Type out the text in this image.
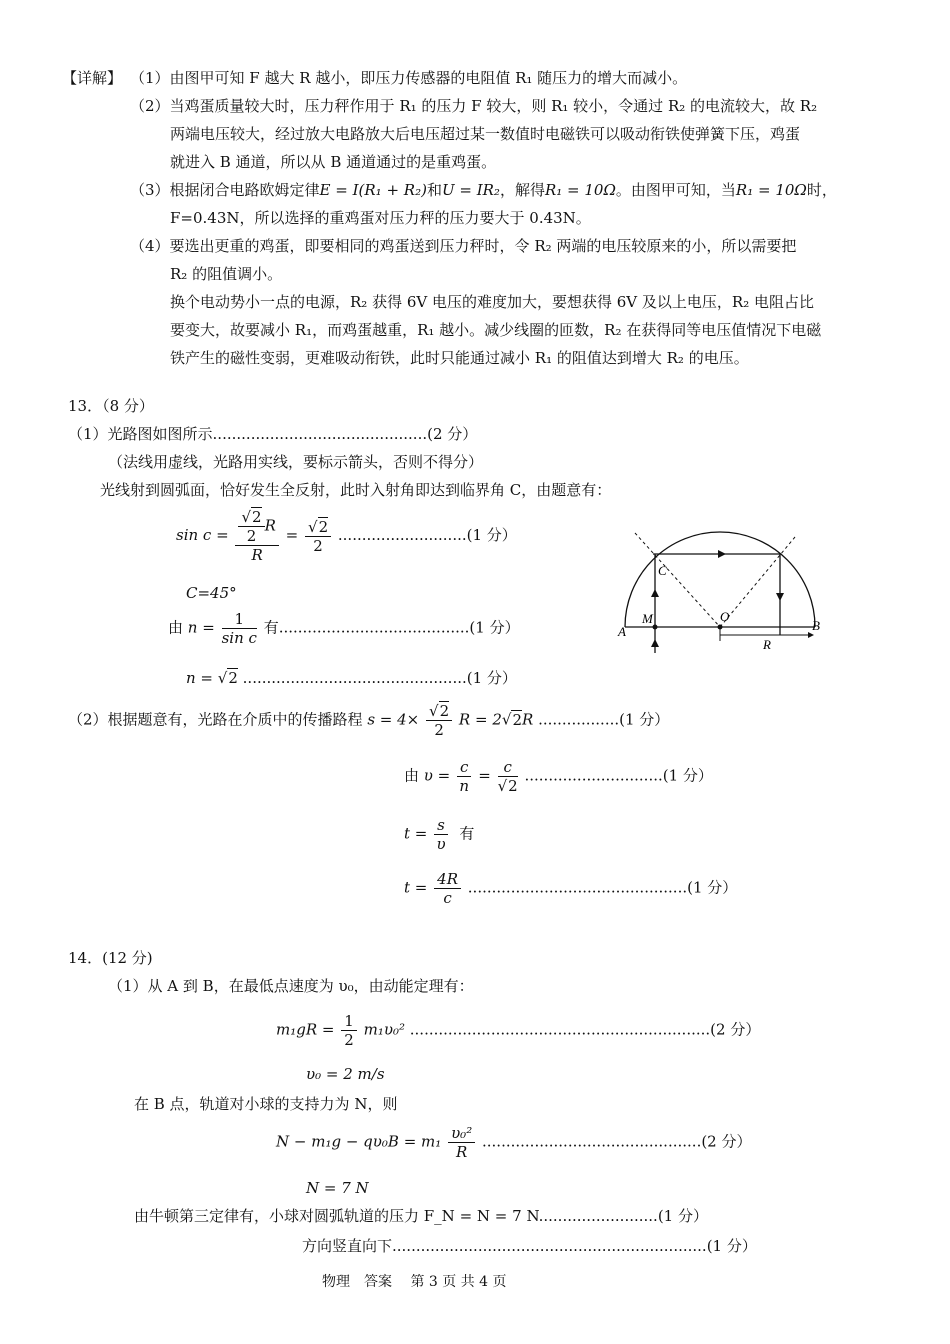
【详解】 （1）由图甲可知 F 越大 R 越小，即压力传感器的电阻值 R₁ 随压力的增大而减小。
（2）当鸡蛋质量较大时，压力秤作用于 R₁ 的压力 F 较大，则 R₁ 较小，令通过 R₂ 的电流较大，故 R₂
两端电压较大，经过放大电路放大后电压超过某一数值时电磁铁可以吸动衔铁使弹簧下压，鸡蛋
就进入 B 通道，所以从 B 通道通过的是重鸡蛋。
（3）根据闭合电路欧姆定律E = I(R₁ + R₂)和U = IR₂，解得R₁ = 10Ω。由图甲可知，当R₁ = 10Ω时，
F=0.43N，所以选择的重鸡蛋对压力秤的压力要大于 0.43N。
（4）要选出更重的鸡蛋，即要相同的鸡蛋送到压力秤时，令 R₂ 两端的电压较原来的小，所以需要把
R₂ 的阻值调小。
换个电动势小一点的电源，R₂ 获得 6V 电压的难度加大，要想获得 6V 及以上电压，R₂ 电阻占比
要变大，故要减小 R₁，而鸡蛋越重，R₁ 越小。减少线圈的匝数，R₂ 在获得同等电压值情况下电磁
铁产生的磁性变弱，更难吸动衔铁，此时只能通过减小 R₁ 的阻值达到增大 R₂ 的电压。
13．（8 分）
（1）光路图如图所示.............................................(2 分）
（法线用虚线，光路用实线，要标示箭头，否则不得分）
光线射到圆弧面，恰好发生全反射，此时入射角即达到临界角 C，由题意有：
$\sin c = \frac{\frac{√2}{2} R}{R} = \frac{√2}{2} ...........................(1$ 分）
C=45°
由 $n = \frac{1}{\text{sin c}}$ 有........................................(1 分）
n = √2 ...............................................(1 分）
（2）根据题意有，光路在介质中的传播路程 $s = 4\times \frac{√2}{2}$ R = 2√2R .................(1 分）
由 $\upsilon = \frac{c}{n} = \frac{c}{√2} .............................(1$ 分）
$t = \frac{s}{\upsilon}$ 有
$t = \frac{4R}{c} ..............................................(1$ 分）
C
M	O
A	B
R
14．(12 分)
（1）从 A 到 B，在最低点速度为 υ₀，由动能定理有：
$m_1gR = \frac{1}{2} m_1\upsilon_0^2$ ...............................................................(2 分）
υ₀ = 2 m/s
在 B 点，轨道对小球的支持力为 N，则
$N - m_1g - q\upsilon_0B = m_1 \frac{\text{υ₀²}}{R} ..............................................(2$ 分）
N = 7 N
由牛顿第三定律有，小球对圆弧轨道的压力 F_N = N = 7 N.........................(1 分）
方向竖直向下..................................................................(1 分）
物理　答案　 第 3 页 共 4 页
